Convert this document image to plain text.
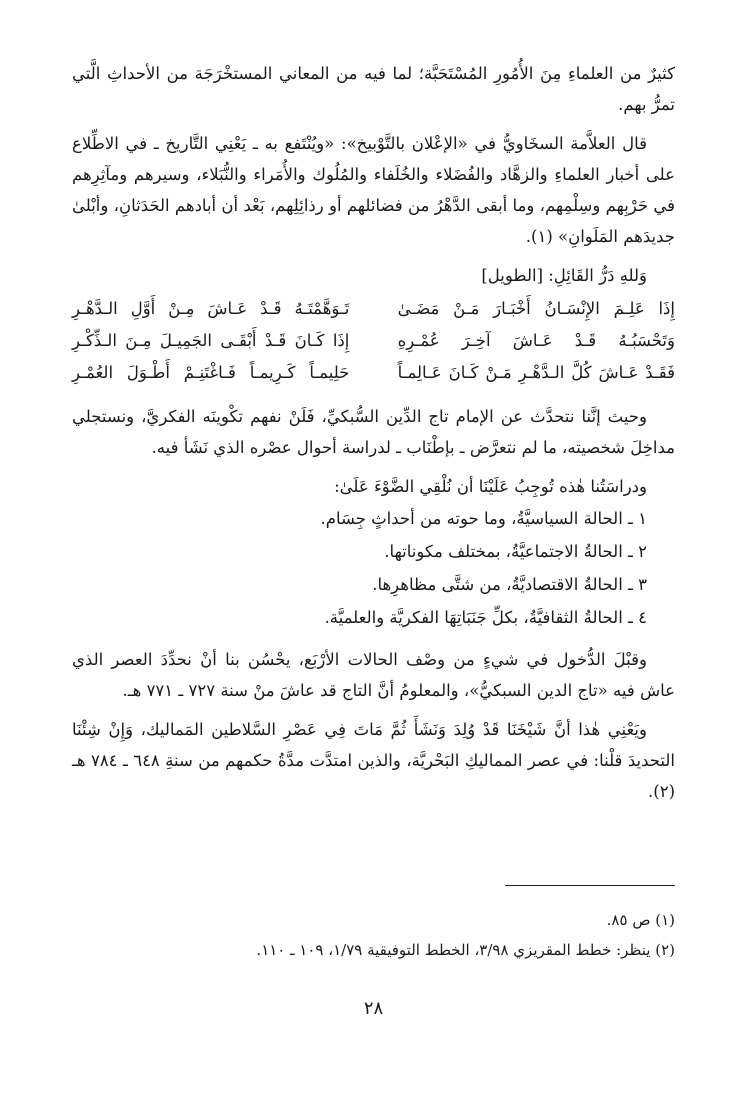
كثيرٌ من العلماءِ مِنَ الأُمُورِ المُسْتَحَبَّة؛ لما فيه من المعاني المستخْرَجَة من الأحداثِ الَّتي تمرُّ بهم.

قال العلاَّمة السخَاويُّ في «الإعْلان بالتَّوْبيخ»: «ويُنْتَفع به ـ يَعْنِي التَّاريخ ـ في الاطِّلاع على أخبار العلماءِ والزهَّاد والفُضَلاء والخُلَفاء والمُلُوك والأُمَراء والنُّبَلاء، وسيرهم ومآثِرِهم في حَرْبِهم وسِلْمِهم، وما أبقى الدَّهْرُ من فضائلهم أو رذائِلِهم، بَعْد أن أبادهم الحَدَثانِ، وأبْلىٰ جديدَهم المَلَوانِ» (١).

وَللهِ دَرُّ القَائِلِ: [الطويل]

إِذَا عَلِـمَ الإِنْسَـانُ أَخْبَـارَ مَـنْ مَضَـىٰ
تَـوَهَّمْتَـهُ قَـدْ عَـاشَ مِـنْ أَوَّلِ الـدَّهْـرِ
وَتَحْسَبُـهُ قَـدْ عَـاشَ آخِـرَ عُمْـرِهِ
إِذَا كَـانَ قَـدْ أَبْقَـى الجَمِيـلَ مِـنَ الـذِّكْـرِ
فَقَـدْ عَـاشَ كُلَّ الـدَّهْـرِ مَـنْ كَـانَ عَـالِمـاً
حَلِيمـاً كَـرِيمـاً فَـاغْتَنِـمْ أَطْـوَلَ العُمْـرِ

وحيث إنَّنا نتحدَّث عن الإمام تاج الدِّين السُّبكيِّ، فَلَنْ نفهم تكْوينَه الفكريَّ، ونستجلي مداخِلَ شخصيته، ما لم نتعرَّض ـ بإطْنَاب ـ لدراسة أحوال عصْره الذي نَشَأ فيه.

ودراسَتُنا هٰذه تُوجِبُ عَلَيْنَا أن نُلْقِي الضَّوْءَ عَلَىٰ:

١ ـ الحالة السياسيَّةُ، وما حوته من أحداثٍ جِسَام.
٢ ـ الحالةُ الاجتماعيَّةُ، بمختلف مكوناتها.
٣ ـ الحالةُ الاقتصاديَّةُ، من شتَّى مظاهرِها.
٤ ـ الحالةُ الثقافيَّةُ، بكلِّ جَنَبَاتِهَا الفكريَّة والعلميَّة.

وقبْلَ الدُّخول في شيءٍ من وصْف الحالات الأرْبَع، يحْسُن بنا أنْ نحدِّدَ العصر الذي عاش فيه «تاج الدين السبكيُّ»، والمعلومُ أنَّ التاج قد عاشَ منْ سنة ٧٢٧ ـ ٧٧١ هـ.

ويَعْنِي هٰذا أنَّ شَيْخَنَا قَدْ وُلِدَ وَنَشَأَ ثُمَّ مَاتَ فِي عَصْرِ السَّلاطين المَماليك، وَإِنْ شِئْنَا التحديدَ قلْنا: في عصر المماليكِ البَحْريَّة، والذين امتدَّت مدَّةُ حكمهم من سنةِ ٦٤٨ ـ ٧٨٤ هـ (٢).

(١) ص ٨٥.

(٢) ينظر: خطط المقريزي ٣/٩٨، الخطط التوفيقية ١/٧٩، ١٠٩ ـ ١١٠.

٢٨
